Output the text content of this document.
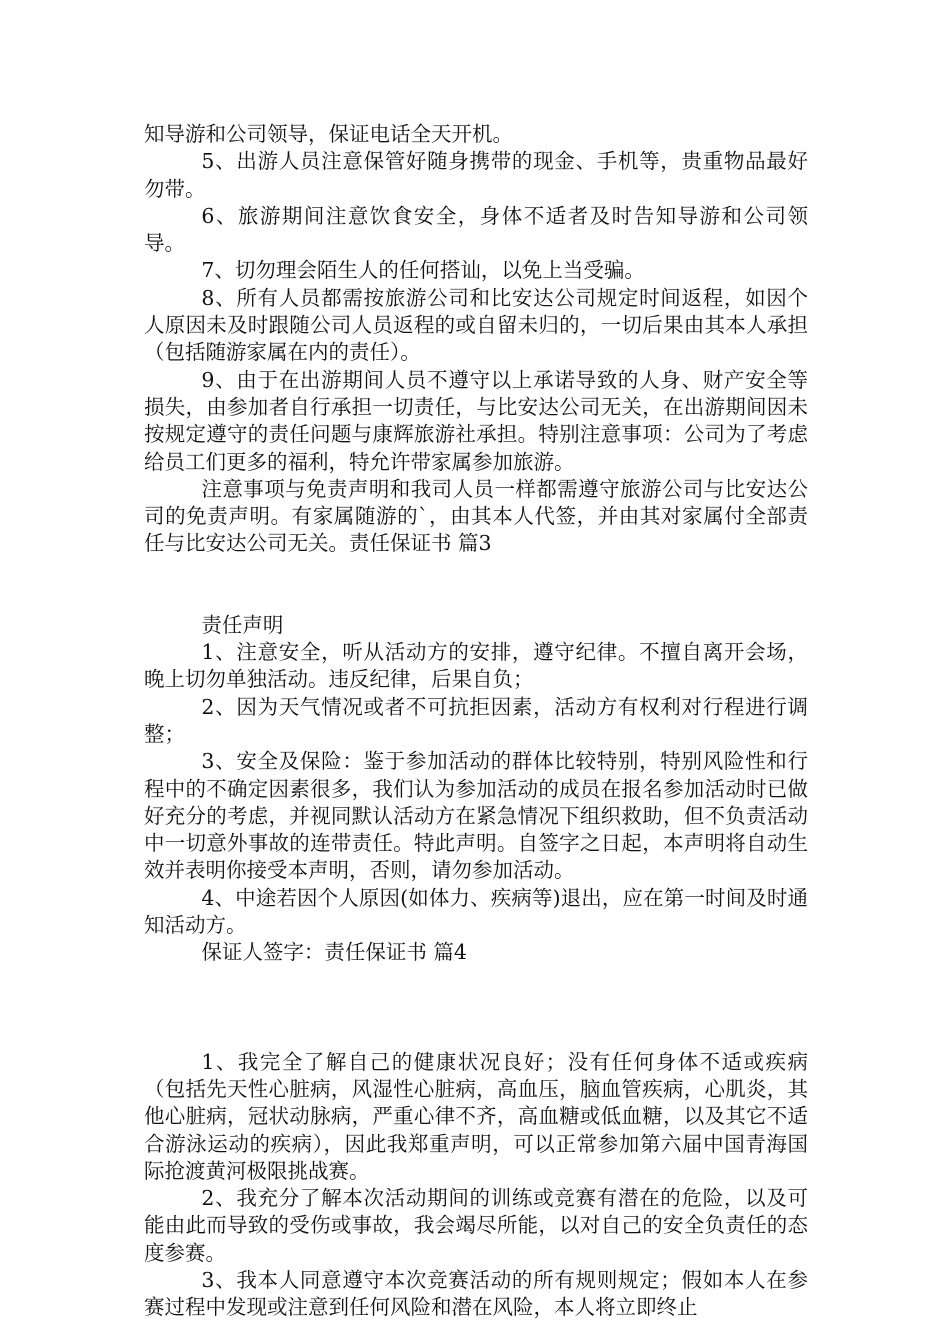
知导游和公司领导，保证电话全天开机。

5、出游人员注意保管好随身携带的现金、手机等，贵重物品最好勿带。

6、旅游期间注意饮食安全，身体不适者及时告知导游和公司领导。

7、切勿理会陌生人的任何搭讪，以免上当受骗。

8、所有人员都需按旅游公司和比安达公司规定时间返程，如因个人原因未及时跟随公司人员返程的或自留未归的，一切后果由其本人承担（包括随游家属在内的责任）。

9、由于在出游期间人员不遵守以上承诺导致的人身、财产安全等损失，由参加者自行承担一切责任，与比安达公司无关，在出游期间因未按规定遵守的责任问题与康辉旅游社承担。特别注意事项：公司为了考虑给员工们更多的福利，特允许带家属参加旅游。

注意事项与免责声明和我司人员一样都需遵守旅游公司与比安达公司的免责声明。有家属随游的`，由其本人代签，并由其对家属付全部责任与比安达公司无关。责任保证书 篇3

责任声明

1、注意安全，听从活动方的安排，遵守纪律。不擅自离开会场，晚上切勿单独活动。违反纪律，后果自负；

2、因为天气情况或者不可抗拒因素，活动方有权利对行程进行调整；

3、安全及保险：鉴于参加活动的群体比较特别，特别风险性和行程中的不确定因素很多，我们认为参加活动的成员在报名参加活动时已做好充分的考虑，并视同默认活动方在紧急情况下组织救助，但不负责活动中一切意外事故的连带责任。特此声明。自签字之日起，本声明将自动生效并表明你接受本声明，否则，请勿参加活动。

4、中途若因个人原因(如体力、疾病等)退出，应在第一时间及时通知活动方。

保证人签字：责任保证书 篇4

1、我完全了解自己的健康状况良好；没有任何身体不适或疾病（包括先天性心脏病，风湿性心脏病，高血压，脑血管疾病，心肌炎，其他心脏病，冠状动脉病，严重心律不齐，高血糖或低血糖，以及其它不适合游泳运动的疾病），因此我郑重声明，可以正常参加第六届中国青海国际抢渡黄河极限挑战赛。

2、我充分了解本次活动期间的训练或竞赛有潜在的危险，以及可能由此而导致的受伤或事故，我会竭尽所能，以对自己的安全负责任的态度参赛。

3、我本人同意遵守本次竞赛活动的所有规则规定；假如本人在参赛过程中发现或注意到任何风险和潜在风险，本人将立即终止
